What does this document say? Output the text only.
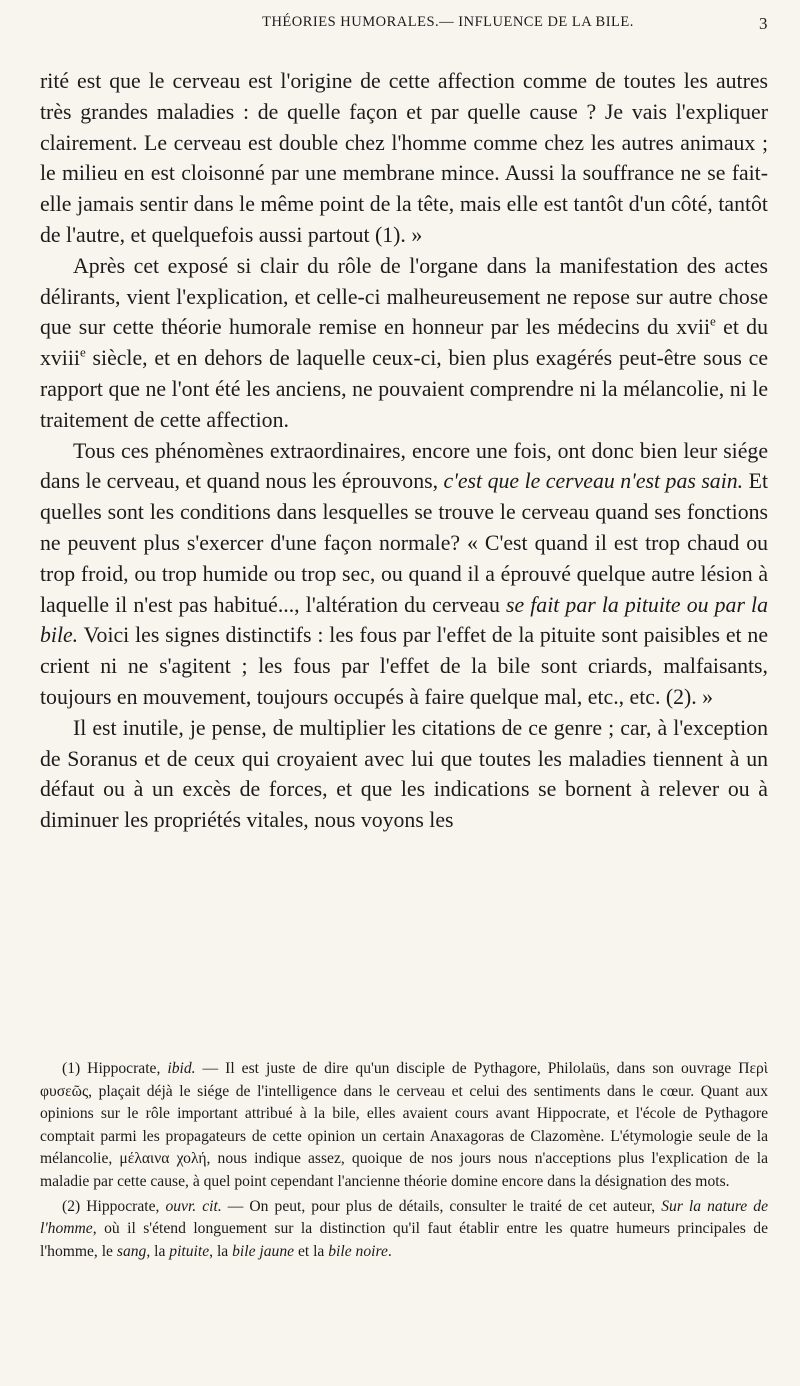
THÉORIES HUMORALES.— INFLUENCE DE LA BILE.	3

rité est que le cerveau est l'origine de cette affection comme de toutes les autres très grandes maladies : de quelle façon et par quelle cause ? Je vais l'expliquer clairement. Le cerveau est double chez l'homme comme chez les autres animaux ; le milieu en est cloisonné par une membrane mince. Aussi la souffrance ne se fait-elle jamais sentir dans le même point de la tête, mais elle est tantôt d'un côté, tantôt de l'autre, et quelquefois aussi partout (1). »

Après cet exposé si clair du rôle de l'organe dans la manifestation des actes délirants, vient l'explication, et celle-ci malheureusement ne repose sur autre chose que sur cette théorie humorale remise en honneur par les médecins du xvii$^e$ et du xviii$^e$ siècle, et en dehors de laquelle ceux-ci, bien plus exagérés peut-être sous ce rapport que ne l'ont été les anciens, ne pouvaient comprendre ni la mélancolie, ni le traitement de cette affection.

Tous ces phénomènes extraordinaires, encore une fois, ont donc bien leur siége dans le cerveau, et quand nous les éprouvons, c'est que le cerveau n'est pas sain. Et quelles sont les conditions dans lesquelles se trouve le cerveau quand ses fonctions ne peuvent plus s'exercer d'une façon normale? « C'est quand il est trop chaud ou trop froid, ou trop humide ou trop sec, ou quand il a éprouvé quelque autre lésion à laquelle il n'est pas habitué..., l'altération du cerveau se fait par la pituite ou par la bile. Voici les signes distinctifs : les fous par l'effet de la pituite sont paisibles et ne crient ni ne s'agitent ; les fous par l'effet de la bile sont criards, malfaisants, toujours en mouvement, toujours occupés à faire quelque mal, etc., etc. (2). »

Il est inutile, je pense, de multiplier les citations de ce genre ; car, à l'exception de Soranus et de ceux qui croyaient avec lui que toutes les maladies tiennent à un défaut ou à un excès de forces, et que les indications se bornent à relever ou à diminuer les propriétés vitales, nous voyons les

(1) Hippocrate, ibid. — Il est juste de dire qu'un disciple de Pythagore, Philolaüs, dans son ouvrage Περὶ φυσεῶς, plaçait déjà le siége de l'intelligence dans le cerveau et celui des sentiments dans le cœur. Quant aux opinions sur le rôle important attribué à la bile, elles avaient cours avant Hippocrate, et l'école de Pythagore comptait parmi les propagateurs de cette opinion un certain Anaxagoras de Clazomène. L'étymologie seule de la mélancolie, μέλαινα χολή, nous indique assez, quoique de nos jours nous n'acceptions plus l'explication de la maladie par cette cause, à quel point cependant l'ancienne théorie domine encore dans la désignation des mots.

(2) Hippocrate, ouvr. cit. — On peut, pour plus de détails, consulter le traité de cet auteur, Sur la nature de l'homme, où il s'étend longuement sur la distinction qu'il faut établir entre les quatre humeurs principales de l'homme, le sang, la pituite, la bile jaune et la bile noire.
